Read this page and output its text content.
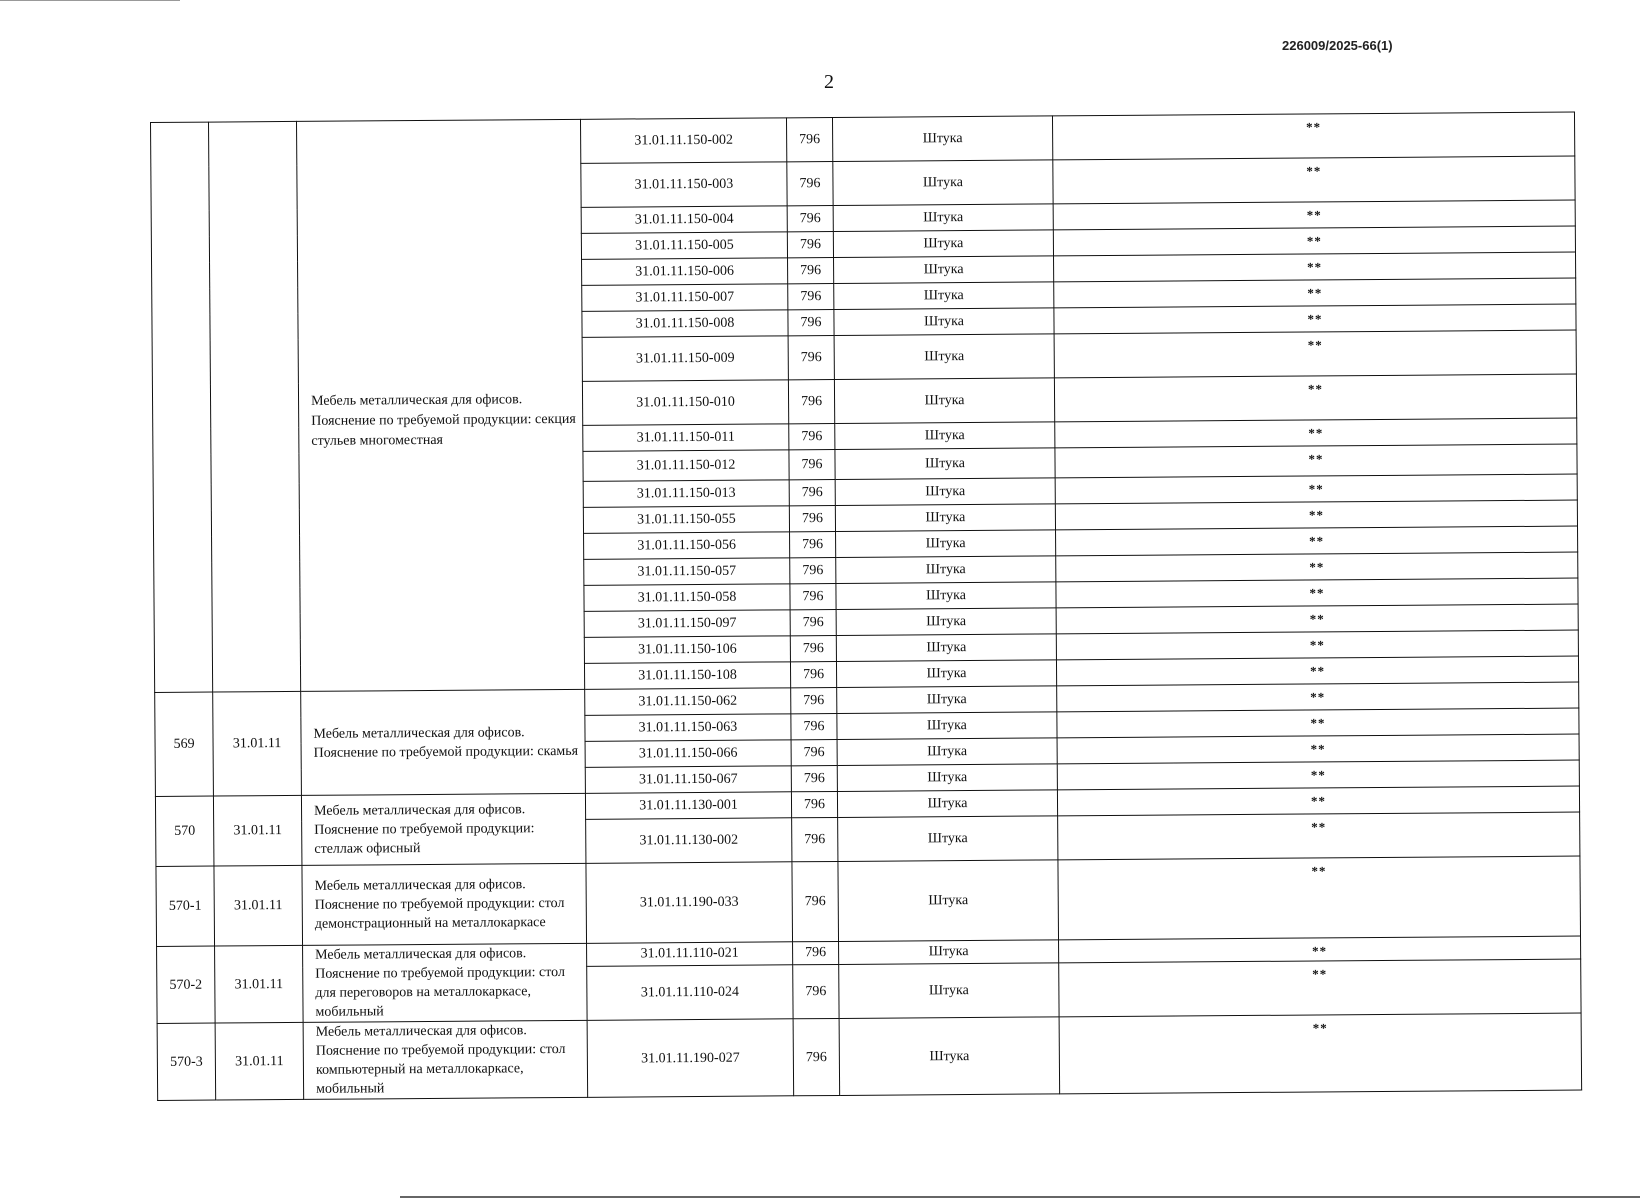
226009/2025-66(1)
2
		Мебель металлическая для офисов. Пояснение по требуемой продукции: секция стульев многоместная	31.01.11.150-002	796	Штука	**
			31.01.11.150-003	796	Штука	**
			31.01.11.150-004	796	Штука	**
			31.01.11.150-005	796	Штука	**
			31.01.11.150-006	796	Штука	**
			31.01.11.150-007	796	Штука	**
			31.01.11.150-008	796	Штука	**
			31.01.11.150-009	796	Штука	**
			31.01.11.150-010	796	Штука	**
			31.01.11.150-011	796	Штука	**
			31.01.11.150-012	796	Штука	**
			31.01.11.150-013	796	Штука	**
			31.01.11.150-055	796	Штука	**
			31.01.11.150-056	796	Штука	**
			31.01.11.150-057	796	Штука	**
			31.01.11.150-058	796	Штука	**
			31.01.11.150-097	796	Штука	**
			31.01.11.150-106	796	Штука	**
			31.01.11.150-108	796	Штука	**
569	31.01.11	Мебель металлическая для офисов. Пояснение по требуемой продукции: скамья	31.01.11.150-062	796	Штука	**
			31.01.11.150-063	796	Штука	**
			31.01.11.150-066	796	Штука	**
			31.01.11.150-067	796	Штука	**
570	31.01.11	Мебель металлическая для офисов. Пояснение по требуемой продукции: стеллаж офисный	31.01.11.130-001	796	Штука	**
			31.01.11.130-002	796	Штука	**
570-1	31.01.11	Мебель металлическая для офисов. Пояснение по требуемой продукции: стол демонстрационный на металлокаркасе	31.01.11.190-033	796	Штука	**
570-2	31.01.11	Мебель металлическая для офисов. Пояснение по требуемой продукции: стол для переговоров на металлокаркасе, мобильный	31.01.11.110-021	796	Штука	**
			31.01.11.110-024	796	Штука	**
570-3	31.01.11	Мебель металлическая для офисов. Пояснение по требуемой продукции: стол компьютерный на металлокаркасе, мобильный	31.01.11.190-027	796	Штука	**
